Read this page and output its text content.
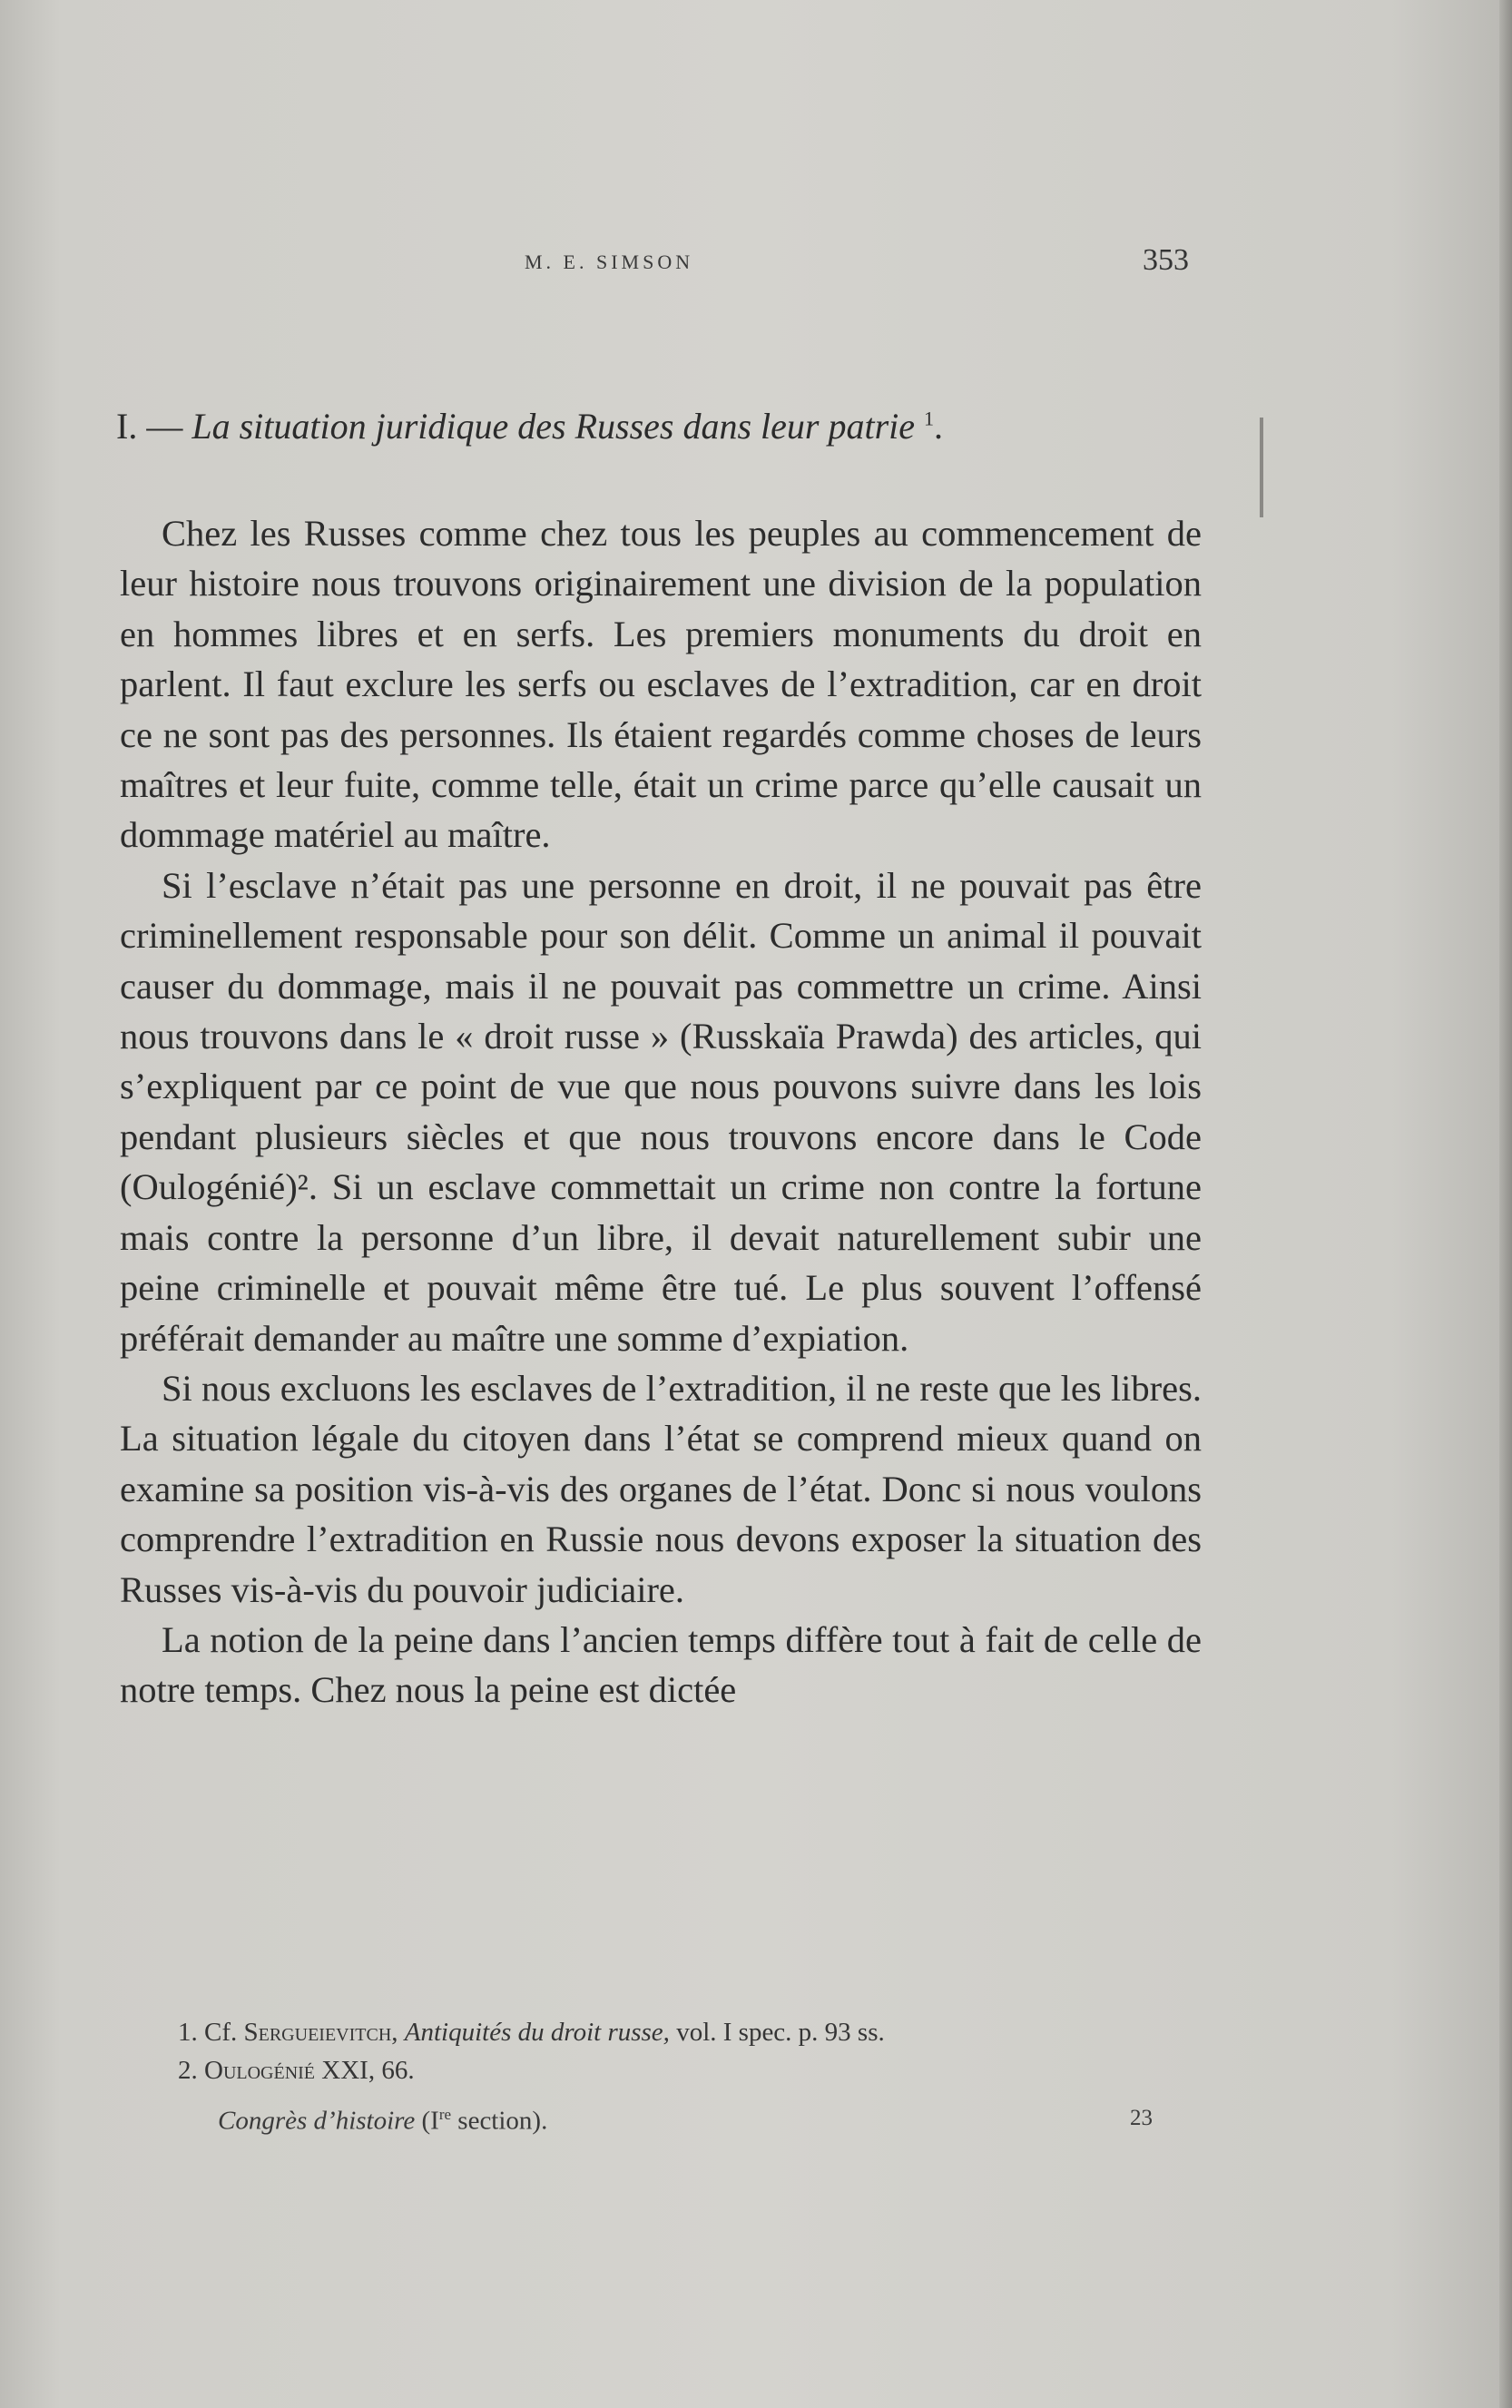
M. E. SIMSON	353
I. — La situation juridique des Russes dans leur patrie $^1$.

Chez les Russes comme chez tous les peuples au commencement de leur histoire nous trouvons originairement une division de la population en hommes libres et en serfs. Les premiers monuments du droit en parlent. Il faut exclure les serfs ou esclaves de l’extradition, car en droit ce ne sont pas des personnes. Ils étaient regardés comme choses de leurs maîtres et leur fuite, comme telle, était un crime parce qu’elle causait un dommage matériel au maître.

Si l’esclave n’était pas une personne en droit, il ne pouvait pas être criminellement responsable pour son délit. Comme un animal il pouvait causer du dommage, mais il ne pouvait pas commettre un crime. Ainsi nous trouvons dans le « droit russe » (Russkaïa Prawda) des articles, qui s’expliquent par ce point de vue que nous pouvons suivre dans les lois pendant plusieurs siècles et que nous trouvons encore dans le Code (Oulogénié)². Si un esclave commettait un crime non contre la fortune mais contre la personne d’un libre, il devait naturellement subir une peine criminelle et pouvait même être tué. Le plus souvent l’offensé préférait demander au maître une somme d’expiation.

Si nous excluons les esclaves de l’extradition, il ne reste que les libres. La situation légale du citoyen dans l’état se comprend mieux quand on examine sa position vis-à-vis des organes de l’état. Donc si nous voulons comprendre l’extradition en Russie nous devons exposer la situation des Russes vis-à-vis du pouvoir judiciaire.

La notion de la peine dans l’ancien temps diffère tout à fait de celle de notre temps. Chez nous la peine est dictée

1. Cf. Sergueievitch, Antiquités du droit russe, vol. I spec. p. 93 ss.
2. Oulogénié XXI, 66.
Congrès d’histoire (Ire section).	23
